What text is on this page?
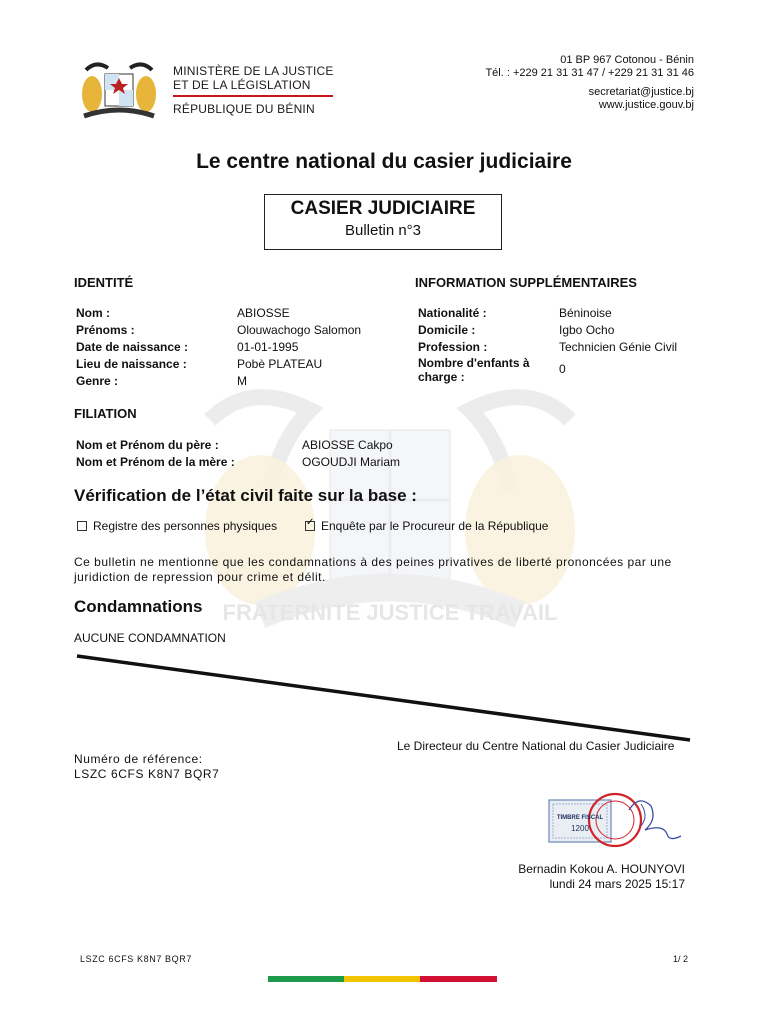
FRATERNITE JUSTICE TRAVAIL
MINISTÈRE DE LA JUSTICE
ET DE LA LÉGISLATION
RÉPUBLIQUE DU BÉNIN
01 BP 967 Cotonou - Bénin
Tél. : +229 21 31 31 47 / +229 21 31 31 46
secretariat@justice.bj
www.justice.gouv.bj
Le centre national du casier judiciaire
CASIER JUDICIAIRE
Bulletin n°3
IDENTITÉ
Nom :
Prénoms :
Date de naissance :
Lieu de naissance :
Genre :
ABIOSSE
Olouwachogo Salomon
01-01-1995
Pobè PLATEAU
M
INFORMATION SUPPLÉMENTAIRES
Nationalité :
Domicile :
Profession :
Nombre d'enfants à
charge :
Béninoise
Igbo Ocho
Technicien Génie Civil
0
FILIATION
Nom et Prénom du père :
Nom et Prénom de la mère :
ABIOSSE Cakpo
OGOUDJI Mariam
Vérification de l’état civil faite sur la base :
Registre des personnes physiques	✓ Enquête par le Procureur de la République
Ce bulletin ne mentionne que les condamnations à des peines privatives de liberté prononcées par une juridiction de repression pour crime et délit.
Condamnations
AUCUNE CONDAMNATION
Le Directeur du Centre National du Casier Judiciaire
Numéro de référence:
LSZC 6CFS K8N7 BQR7
TIMBRE FISCAL
1200
Bernadin Kokou A. HOUNYOVI
lundi 24 mars 2025 15:17
LSZC 6CFS K8N7 BQR7	1/ 2
